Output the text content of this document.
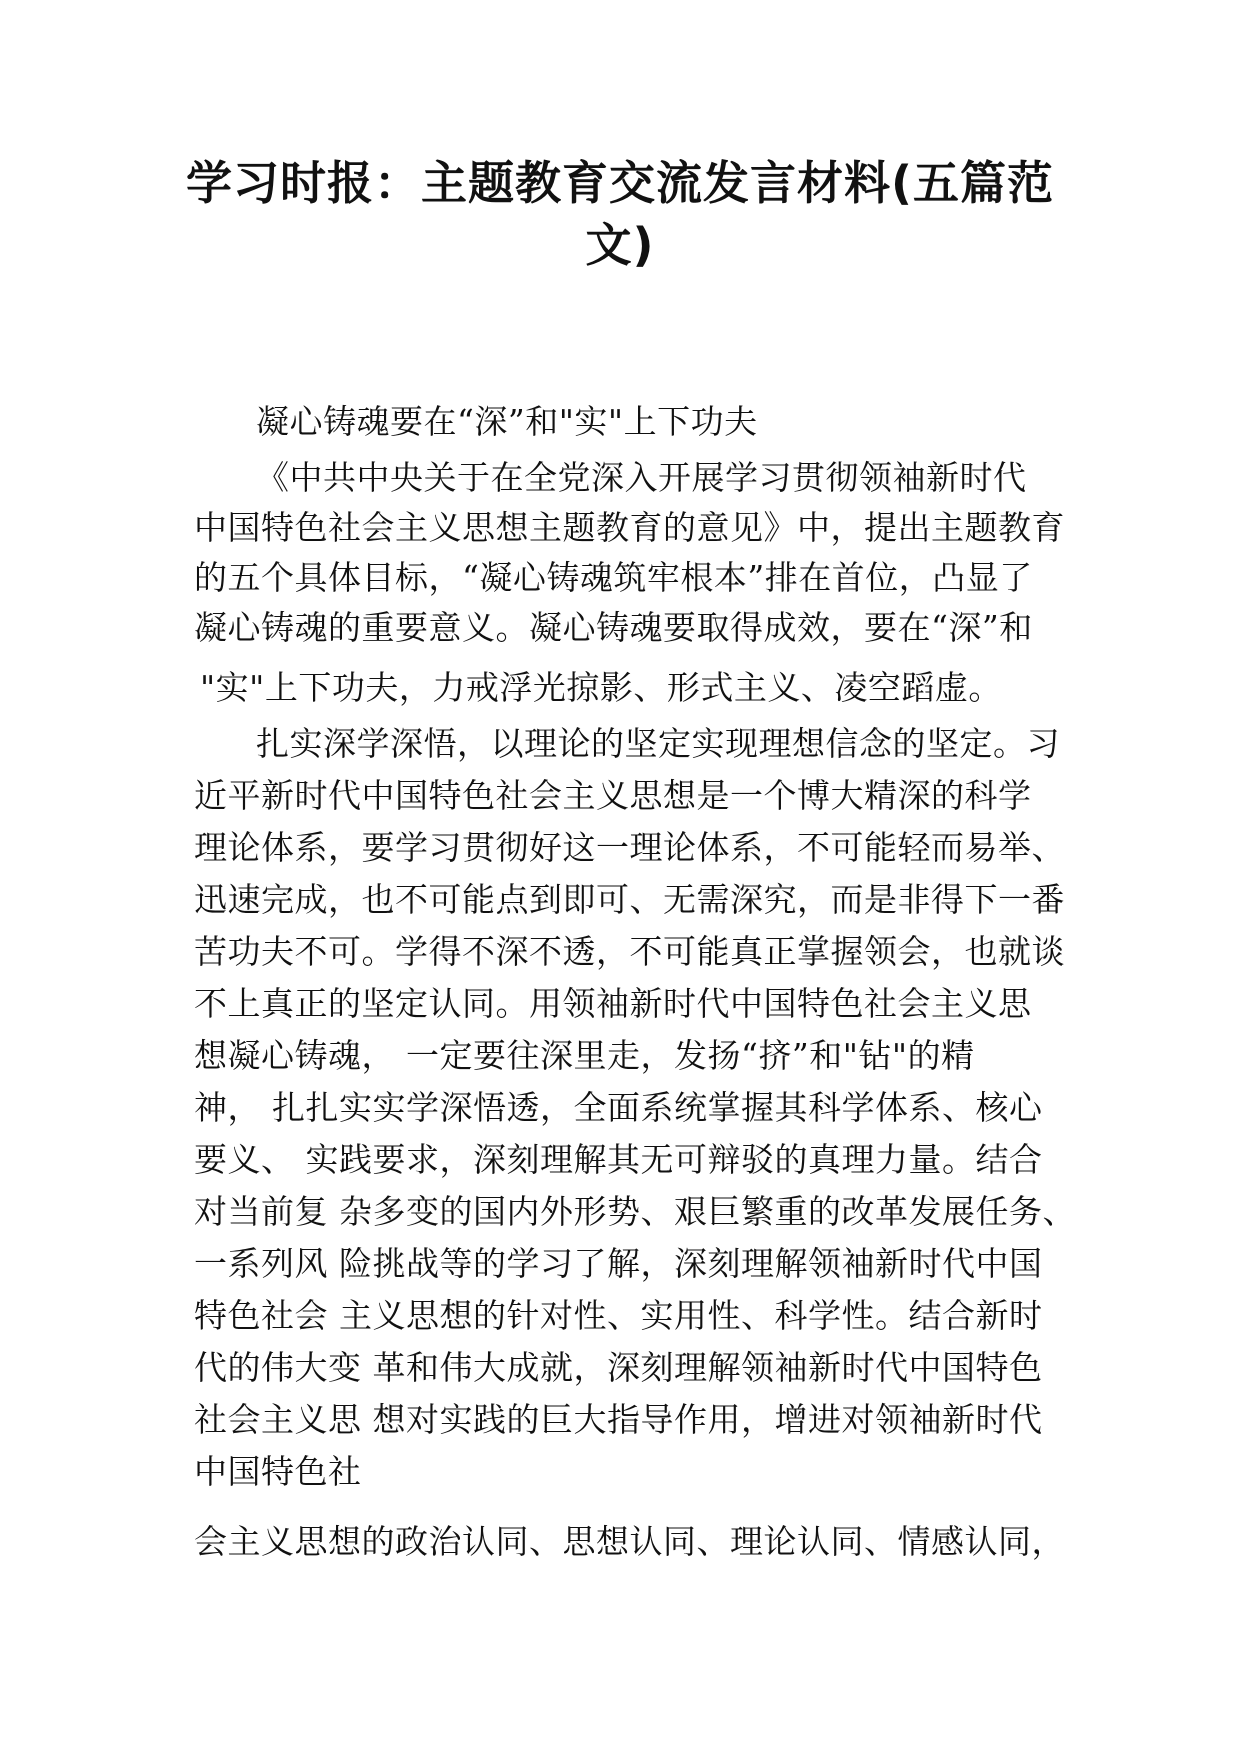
学习时报：主题教育交流发言材料(五篇范
文)

凝心铸魂要在“深”和"实"上下功夫

《中共中央关于在全党深入开展学习贯彻领袖新时代

中国特色社会主义思想主题教育的意见》中，提出主题教育

的五个具体目标，“凝心铸魂筑牢根本”排在首位，凸显了

凝心铸魂的重要意义。凝心铸魂要取得成效，要在“深”和

"实"上下功夫，力戒浮光掠影、形式主义、凌空蹈虚。

扎实深学深悟，以理论的坚定实现理想信念的坚定。习

近平新时代中国特色社会主义思想是一个博大精深的科学

理论体系，要学习贯彻好这一理论体系，不可能轻而易举、

迅速完成，也不可能点到即可、无需深究，而是非得下一番

苦功夫不可。学得不深不透，不可能真正掌握领会，也就谈

不上真正的坚定认同。用领袖新时代中国特色社会主义思

想凝心铸魂， 一定要往深里走，发扬“挤”和"钻"的精

神， 扎扎实实学深悟透，全面系统掌握其科学体系、核心

要义、 实践要求，深刻理解其无可辩驳的真理力量。结合

对当前复 杂多变的国内外形势、艰巨繁重的改革发展任务、

一系列风 险挑战等的学习了解，深刻理解领袖新时代中国

特色社会 主义思想的针对性、实用性、科学性。结合新时

代的伟大变 革和伟大成就，深刻理解领袖新时代中国特色

社会主义思 想对实践的巨大指导作用，增进对领袖新时代

中国特色社

会主义思想的政治认同、思想认同、理论认同、情感认同，
